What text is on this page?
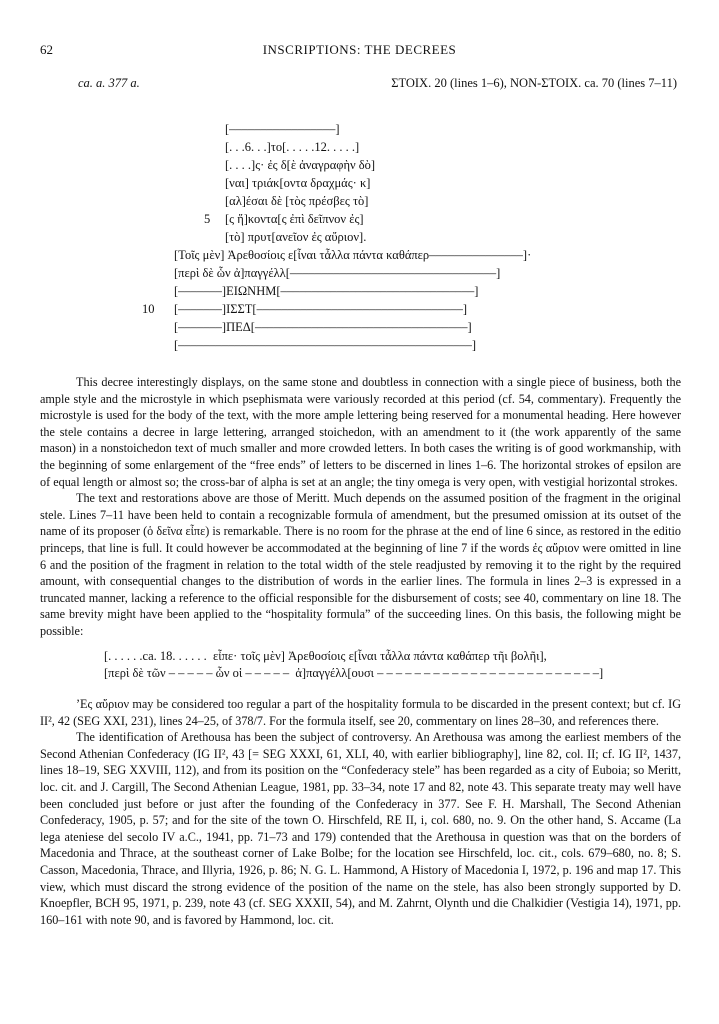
62	INSCRIPTIONS: THE DECREES
ca. a. 377 a.	ΣΤΟΙΧ. 20 (lines 1–6), NON-ΣΤΟΙΧ. ca. 70 (lines 7–11)
[–––––––––––––––––]
[. . .6. . .]το[. . . . .12. . . . .]
[. . . .]ς· ἐς δ[ὲ ἀναγραφὴν δὸ]
[ναι] τριάκ[οντα δραχμάς· κ]
[αλ]έσαι δὲ [τὸς πρέσβες τὸ]
[ς ἥ]κοντα[ς ἐπὶ δεῖπνον ἐς]
[τὸ] πρυτ[ανεῖον ἐς αὔριον].
[Τοῖς μὲν] Ἀρεθοσίοις ε[ἶναι τἆλλα πάντα καθάπερ–––––––––––––––]·
[περὶ δὲ ὧν ἀ]παγγέλλ[–––––––––––––––––––––––––––––––––]
[–––––––]ΕΙΩΝΗΜ[–––––––––––––––––––––––––––––––]
[–––––––]ΙΣΣΤ[–––––––––––––––––––––––––––––––––]
[–––––––]ΠΕΔ[––––––––––––––––––––––––––––––––––]
[–––––––––––––––––––––––––––––––––––––––––––––––]
5
10

This decree interestingly displays, on the same stone and doubtless in connection with a single piece of business, both the ample style and the microstyle in which psephismata were variously recorded at this period (cf. 54, commentary). Frequently the microstyle is used for the body of the text, with the more ample lettering being reserved for a monumental heading. Here however the stele contains a decree in large lettering, arranged stoichedon, with an amendment to it (the work apparently of the same mason) in a nonstoichedon text of much smaller and more crowded letters. In both cases the writing is of good workmanship, with the beginning of some enlargement of the “free ends” of letters to be discerned in lines 1–6. The horizontal strokes of epsilon are of equal length or almost so; the cross-bar of alpha is set at an angle; the tiny omega is very open, with vestigial horizontal strokes.

The text and restorations above are those of Meritt. Much depends on the assumed position of the fragment in the original stele. Lines 7–11 have been held to contain a recognizable formula of amendment, but the presumed omission at its outset of the name of its proposer (ὁ δεῖνα εἶπε) is remarkable. There is no room for the phrase at the end of line 6 since, as restored in the editio princeps, that line is full. It could however be accommodated at the beginning of line 7 if the words ἐς αὔριον were omitted in line 6 and the position of the fragment in relation to the total width of the stele readjusted by removing it to the right by the required amount, with consequential changes to the distribution of words in the earlier lines. The formula in lines 2–3 is expressed in a truncated manner, lacking a reference to the official responsible for the disbursement of costs; see 40, commentary on line 18. The same brevity might have been applied to the “hospitality formula” of the succeeding lines. On this basis, the following might be possible:

[. . . . . .ca. 18. . . . . .  εἶπε· τοῖς μὲν] Ἀρεθοσίοις ε[ἶναι τἆλλα πάντα καθάπερ τῆι βολῆι],
[περὶ δὲ τῶν – – – – – ὧν οἱ – – – – –  ἀ]παγγέλλ[ουσι – – – – – – – – – – – – – – – – – – – – – – – –]

ʼΕς αὔριον may be considered too regular a part of the hospitality formula to be discarded in the present context; but cf. IG II², 42 (SEG XXI, 231), lines 24–25, of 378/7. For the formula itself, see 20, commentary on lines 28–30, and references there.

The identification of Arethousa has been the subject of controversy. An Arethousa was among the earliest members of the Second Athenian Confederacy (IG II², 43 [= SEG XXXI, 61, XLI, 40, with earlier bibliography], line 82, col. II; cf. IG II², 1437, lines 18–19, SEG XXVIII, 112), and from its position on the “Confederacy stele” has been regarded as a city of Euboia; so Meritt, loc. cit. and J. Cargill, The Second Athenian League, 1981, pp. 33–34, note 17 and 82, note 43. This separate treaty may well have been concluded just before or just after the founding of the Confederacy in 377. See F. H. Marshall, The Second Athenian Confederacy, 1905, p. 57; and for the site of the town O. Hirschfeld, RE II, i, col. 680, no. 9. On the other hand, S. Accame (La lega ateniese del secolo IV a.C., 1941, pp. 71–73 and 179) contended that the Arethousa in question was that on the borders of Macedonia and Thrace, at the southeast corner of Lake Bolbe; for the location see Hirschfeld, loc. cit., cols. 679–680, no. 8; S. Casson, Macedonia, Thrace, and Illyria, 1926, p. 86; N. G. L. Hammond, A History of Macedonia I, 1972, p. 196 and map 17. This view, which must discard the strong evidence of the position of the name on the stele, has also been strongly supported by D. Knoepfler, BCH 95, 1971, p. 239, note 43 (cf. SEG XXXII, 54), and M. Zahrnt, Olynth und die Chalkidier (Vestigia 14), 1971, pp. 160–161 with note 90, and is favored by Hammond, loc. cit.
